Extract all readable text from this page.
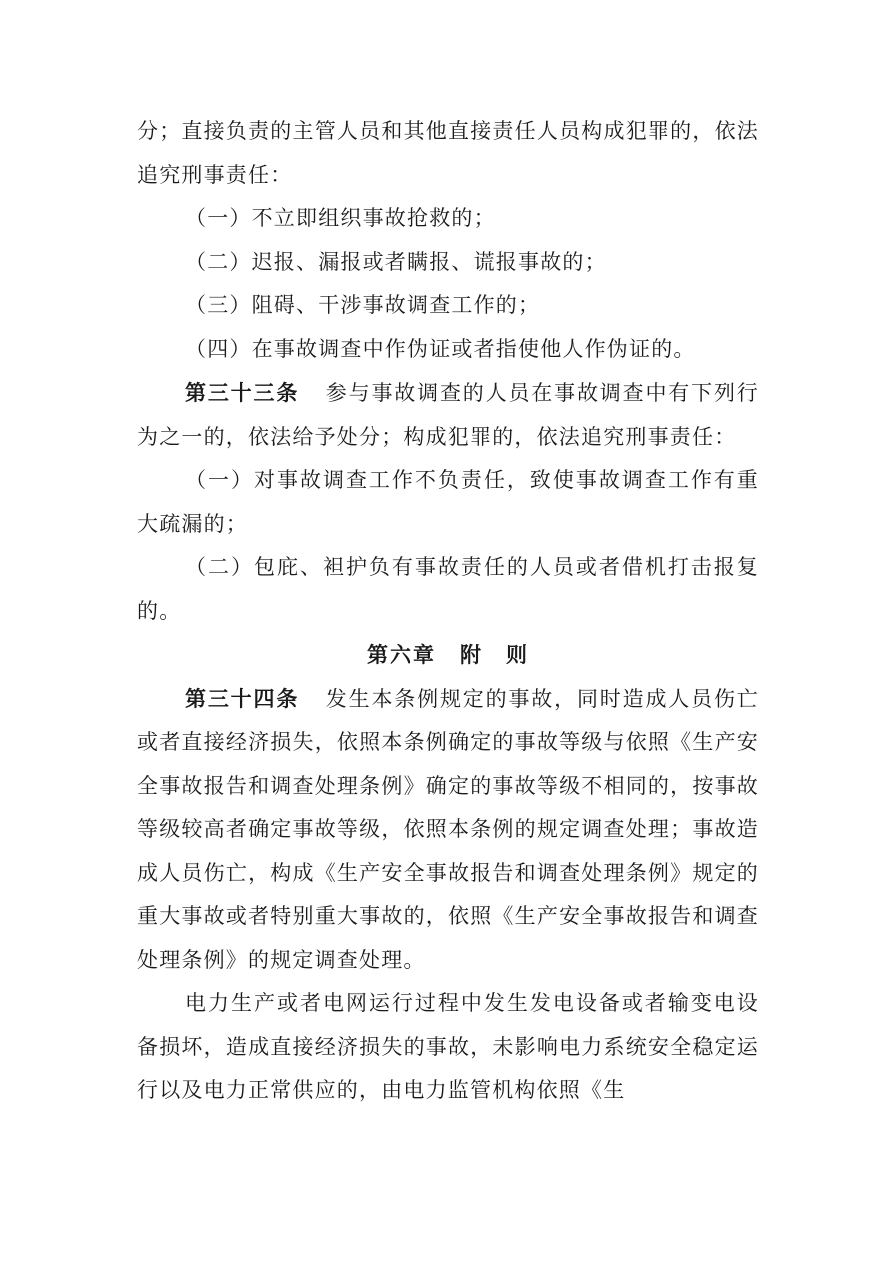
分；直接负责的主管人员和其他直接责任人员构成犯罪的，依法追究刑事责任：

（一）不立即组织事故抢救的；

（二）迟报、漏报或者瞒报、谎报事故的；

（三）阻碍、干涉事故调查工作的；

（四）在事故调查中作伪证或者指使他人作伪证的。

第三十三条 参与事故调查的人员在事故调查中有下列行为之一的，依法给予处分；构成犯罪的，依法追究刑事责任：

（一）对事故调查工作不负责任，致使事故调查工作有重大疏漏的；

（二）包庇、袒护负有事故责任的人员或者借机打击报复的。

第六章 附　则

第三十四条 发生本条例规定的事故，同时造成人员伤亡或者直接经济损失，依照本条例确定的事故等级与依照《生产安全事故报告和调查处理条例》确定的事故等级不相同的，按事故等级较高者确定事故等级，依照本条例的规定调查处理；事故造成人员伤亡，构成《生产安全事故报告和调查处理条例》规定的重大事故或者特别重大事故的，依照《生产安全事故报告和调查处理条例》的规定调查处理。

电力生产或者电网运行过程中发生发电设备或者输变电设备损坏，造成直接经济损失的事故，未影响电力系统安全稳定运行以及电力正常供应的，由电力监管机构依照《生
